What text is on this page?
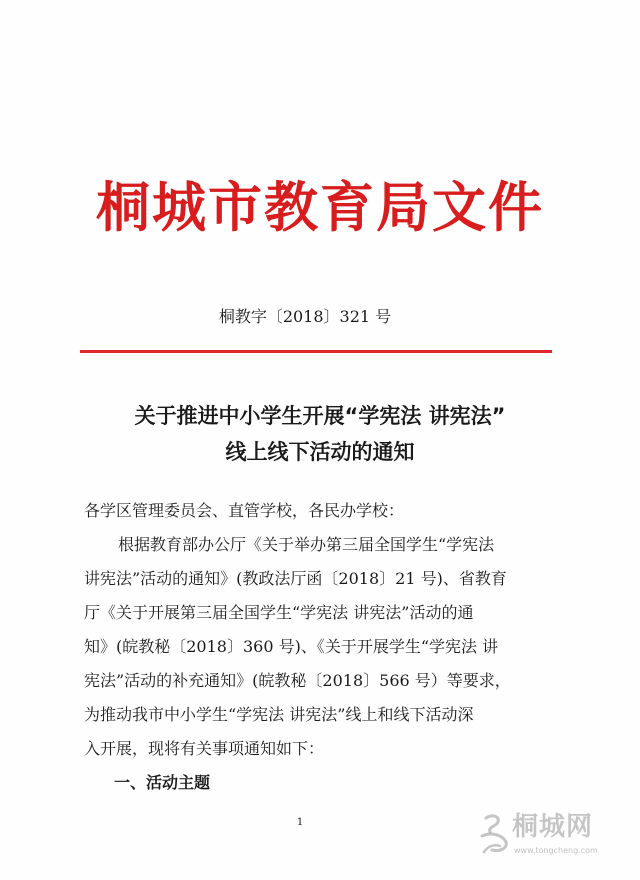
桐城市教育局文件
桐教字〔2018〕321 号
关于推进中小学生开展“学宪法 讲宪法”
线上线下活动的通知
各学区管理委员会、直管学校，各民办学校：
根据教育部办公厅《关于举办第三届全国学生“学宪法
讲宪法”活动的通知》(教政法厅函〔2018〕21 号)、省教育
厅《关于开展第三届全国学生“学宪法 讲宪法”活动的通
知》(皖教秘〔2018〕360 号)、《关于开展学生“学宪法 讲
宪法”活动的补充通知》(皖教秘〔2018〕566 号）等要求，
为推动我市中小学生“学宪法 讲宪法”线上和线下活动深
入开展，现将有关事项通知如下：
一、活动主题
1	桐城网
www.tongcheng.com
